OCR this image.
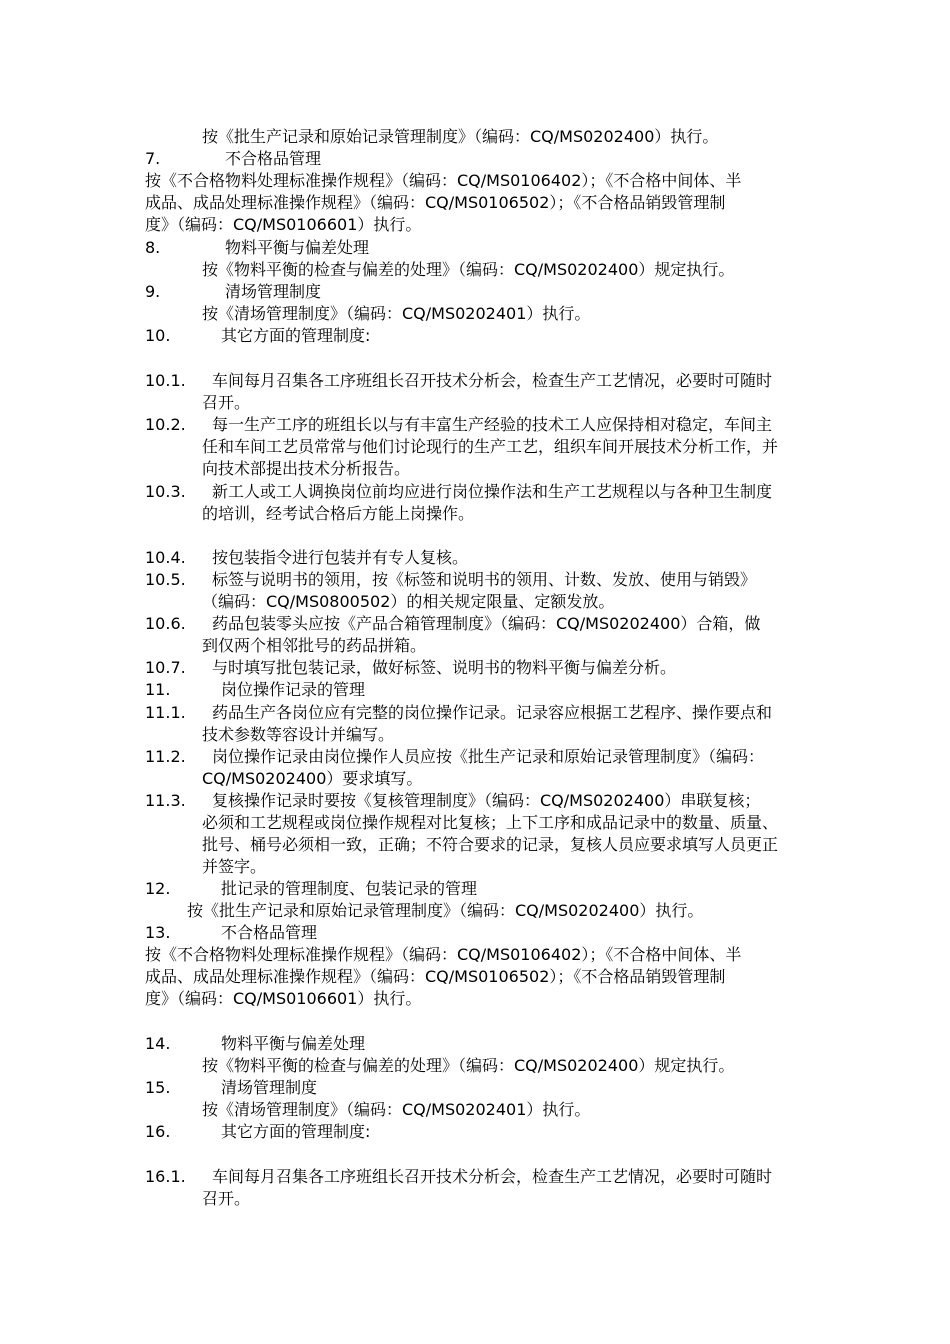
7.
8.
9.
10.
10.1.
10.2.
10.3.
10.4.
10.5.
10.6.
10.7.
11.
11.1.
11.2.
11.3.
12.
13.
14.
15.
16.
16.1.
按《批生产记录和原始记录管理制度》（编码：CQ/MS0202400）执行。
不合格品管理
按《不合格物料处理标准操作规程》（编码：CQ/MS0106402）；《不合格中间体、半
成品、成品处理标准操作规程》（编码：CQ/MS0106502）；《不合格品销毁管理制
度》（编码：CQ/MS0106601）执行。
物料平衡与偏差处理
按《物料平衡的检查与偏差的处理》（编码：CQ/MS0202400）规定执行。
清场管理制度
按《清场管理制度》（编码：CQ/MS0202401）执行。
其它方面的管理制度:
车间每月召集各工序班组长召开技术分析会，检查生产工艺情况，必要时可随时
召开。
每一生产工序的班组长以与有丰富生产经验的技术工人应保持相对稳定，车间主
任和车间工艺员常常与他们讨论现行的生产工艺，组织车间开展技术分析工作，并
向技术部提出技术分析报告。
新工人或工人调换岗位前均应进行岗位操作法和生产工艺规程以与各种卫生制度
的培训，经考试合格后方能上岗操作。
按包装指令进行包装并有专人复核。
标签与说明书的领用，按《标签和说明书的领用、计数、发放、使用与销毁》
（编码：CQ/MS0800502）的相关规定限量、定额发放。
药品包装零头应按《产品合箱管理制度》（编码：CQ/MS0202400）合箱，做
到仅两个相邻批号的药品拼箱。
与时填写批包装记录，做好标签、说明书的物料平衡与偏差分析。
岗位操作记录的管理
药品生产各岗位应有完整的岗位操作记录。记录容应根据工艺程序、操作要点和
技术参数等容设计并编写。
岗位操作记录由岗位操作人员应按《批生产记录和原始记录管理制度》（编码：
CQ/MS0202400）要求填写。
复核操作记录时要按《复核管理制度》（编码：CQ/MS0202400）串联复核；
必须和工艺规程或岗位操作规程对比复核；上下工序和成品记录中的数量、质量、
批号、桶号必须相一致，正确；不符合要求的记录，复核人员应要求填写人员更正
并签字。
批记录的管理制度、包装记录的管理
按《批生产记录和原始记录管理制度》（编码：CQ/MS0202400）执行。
不合格品管理
按《不合格物料处理标准操作规程》（编码：CQ/MS0106402）；《不合格中间体、半
成品、成品处理标准操作规程》（编码：CQ/MS0106502）；《不合格品销毁管理制
度》（编码：CQ/MS0106601）执行。
物料平衡与偏差处理
按《物料平衡的检查与偏差的处理》（编码：CQ/MS0202400）规定执行。
清场管理制度
按《清场管理制度》（编码：CQ/MS0202401）执行。
其它方面的管理制度:
车间每月召集各工序班组长召开技术分析会，检查生产工艺情况，必要时可随时
召开。
